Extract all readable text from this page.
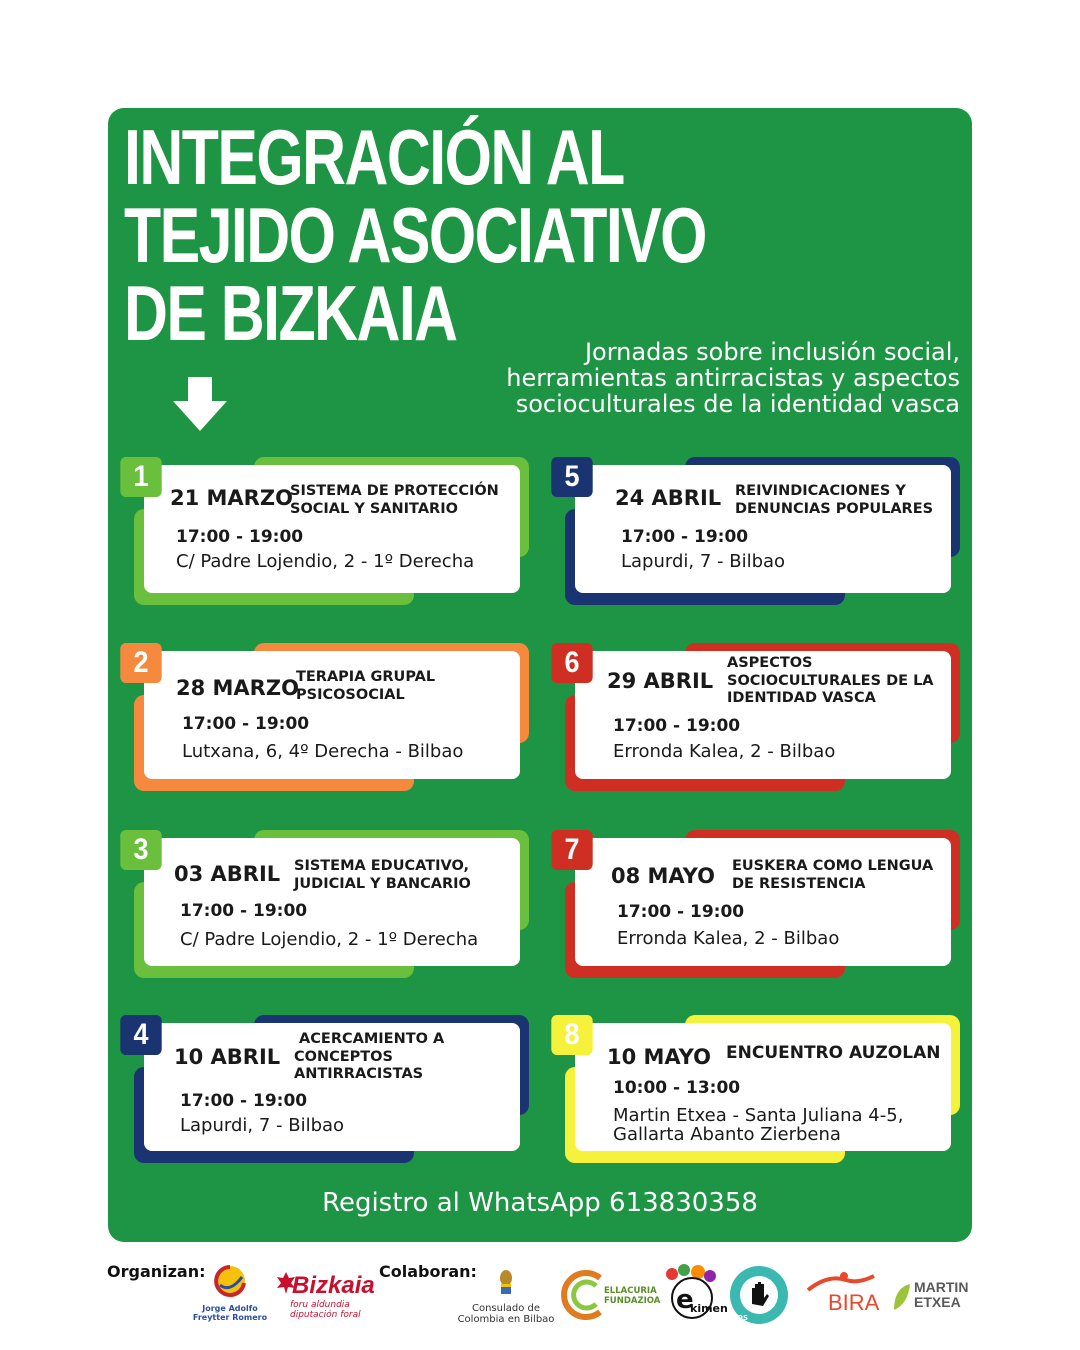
INTEGRACIÓN AL
TEJIDO ASOCIATIVO
DE BIZKAIA	Jornadas sobre inclusión social,
herramientas antirracistas y aspectos
socioculturales de la identidad vasca
1
21 MARZO
SISTEMA DE PROTECCIÓN
SOCIAL Y SANITARIO
17:00 - 19:00
C/ Padre Lojendio, 2 - 1º Derecha
2
28 MARZO
TERAPIA GRUPAL
PSICOSOCIAL
17:00 - 19:00
Lutxana, 6, 4º Derecha - Bilbao
3
03 ABRIL SISTEMA EDUCATIVO,
JUDICIAL Y BANCARIO
17:00 - 19:00
C/ Padre Lojendio, 2 - 1º Derecha
4
10 ABRIL
ACERCAMIENTO A
CONCEPTOS
ANTIRRACISTAS
17:00 - 19:00
Lapurdi, 7 - Bilbao
5
24 ABRIL REIVINDICACIONES Y
DENUNCIAS POPULARES
17:00 - 19:00
Lapurdi, 7 - Bilbao
6
29 ABRIL
ASPECTOS
SOCIOCULTURALES DE LA
IDENTIDAD VASCA
17:00 - 19:00
Erronda Kalea, 2 - Bilbao
7
08 MAYO EUSKERA COMO LENGUA
DE RESISTENCIA
17:00 - 19:00
Erronda Kalea, 2 - Bilbao
8
10 MAYO ENCUENTRO AUZOLAN
10:00 - 13:00
Martin Etxea - Santa Juliana 4-5,
Gallarta Abanto Zierbena
Registro al WhatsApp 613830358
Organizan:	Colaboran:
Jorge Adolfo
Freytter Romero
Bizkaia
foru aldundia
diputación foral
Consulado de
Colombia en Bilbao
ELLACURIA
FUNDAZIOA e
kimen
SOS
BIRA
MARTIN
ETXEA
